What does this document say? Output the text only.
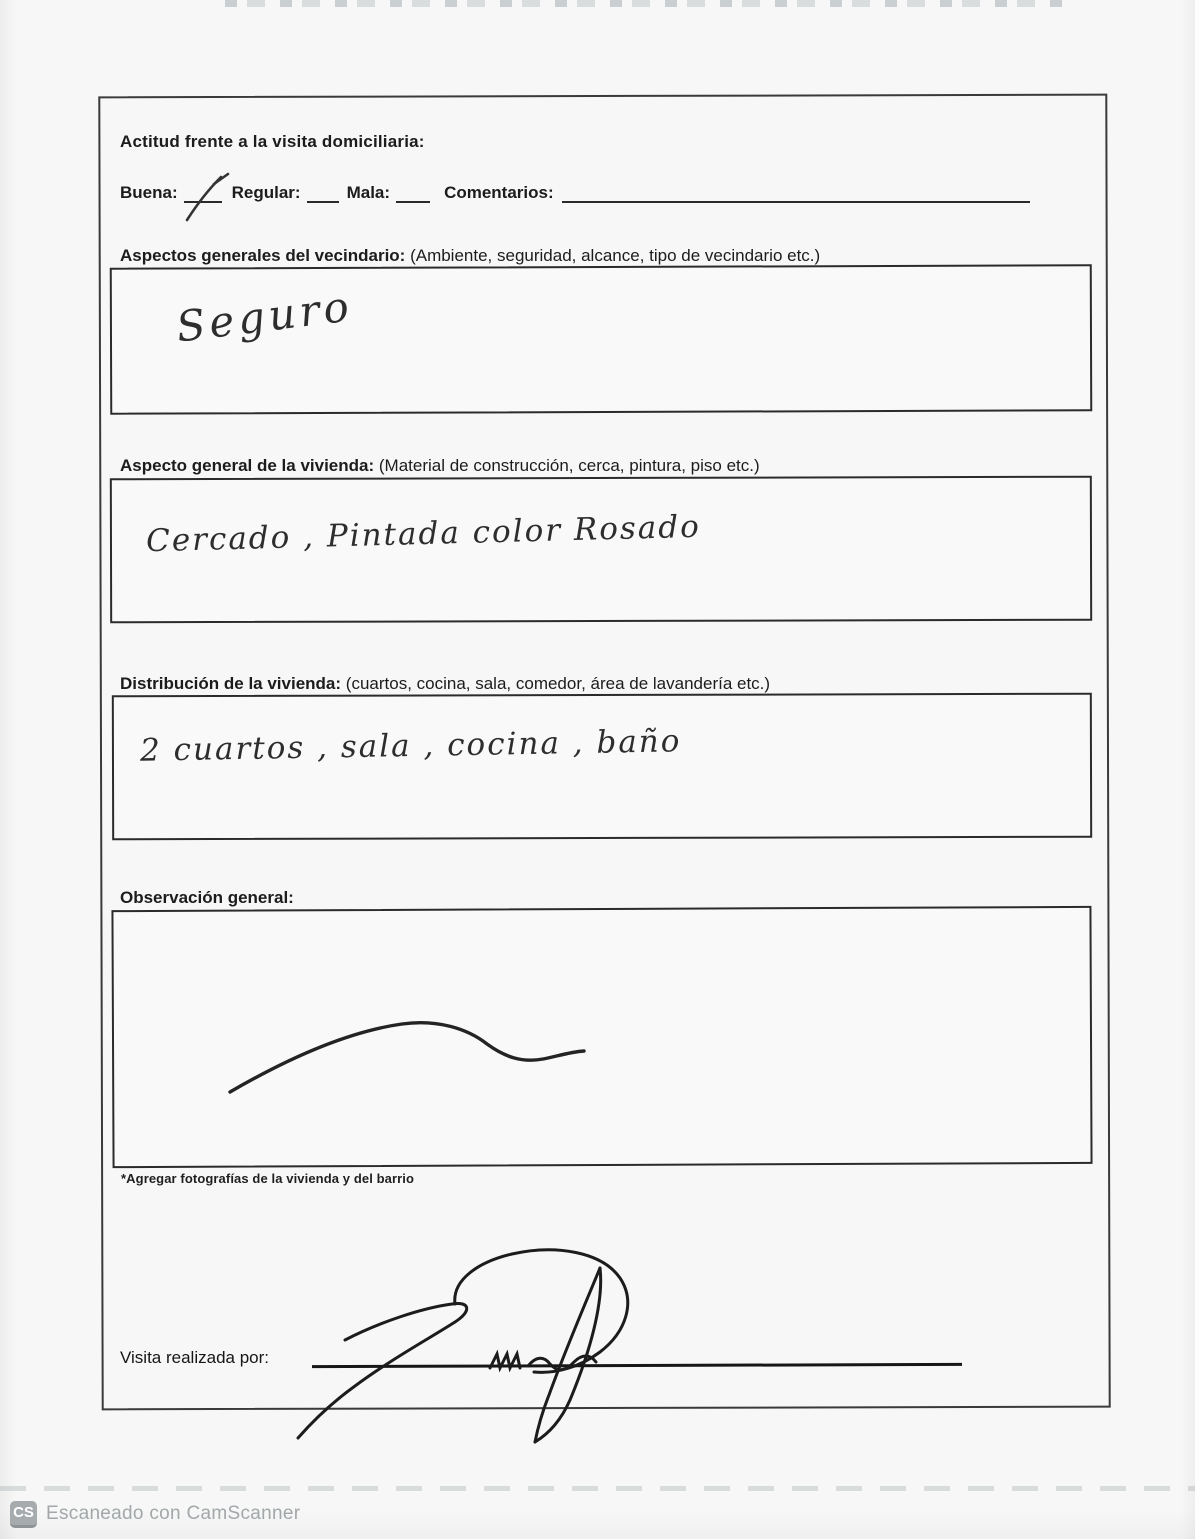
Actitud frente a la visita domiciliaria:
Buena:	Regular:	Mala:	Comentarios:
Aspectos generales del vecindario: (Ambiente, seguridad, alcance, tipo de vecindario etc.)
Seguro
Aspecto general de la vivienda: (Material de construcción, cerca, pintura, piso etc.)
Cercado , Pintada color Rosado
Distribución de la vivienda: (cuartos, cocina, sala, comedor, área de lavandería etc.)
2 cuartos , sala , cocina , baño
Observación general:
*Agregar fotografías de la vivienda y del barrio
Visita realizada por:
CS Escaneado con CamScanner
